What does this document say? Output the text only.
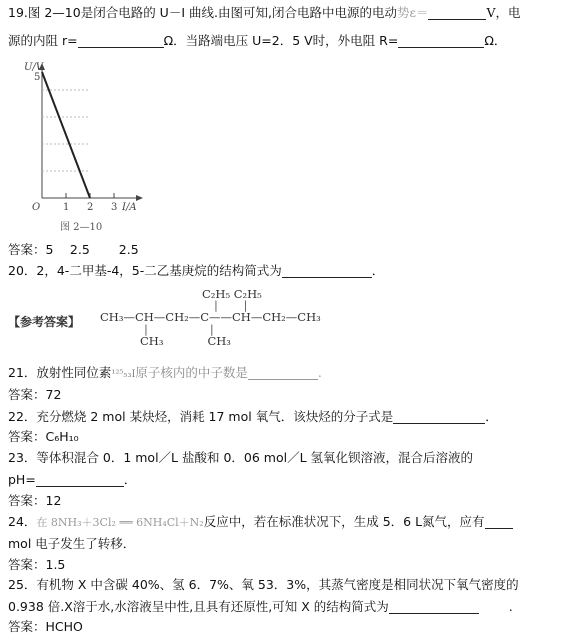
19.图 2—10是闭合电路的 U－I 曲线.由图可知,闭合电路中电源的电动势ε＝	V，电
源的内阻 r=	Ω．当路端电压 U=2．5 V时，外电阻 R=	Ω．
U/V
5
O 1 2 3 I/A
图 2—10
答案：5　 2.5　　 2.5
20．2，4-二甲基-4，5-二乙基庚烷的结构简式为	．
【参考答案】
C₂H₅ C₂H₅
|       |
CH₃—CH—CH₂—C——CH—CH₂—CH₃
|	|
CH₃	CH₃
21．放射性同位素¹²⁵₅₃I原子核内的中子数是	.
答案：72
22．充分燃烧 2 mol 某炔烃，消耗 17 mol 氧气．该炔烃的分子式是	．
答案：C₆H₁₀
23．等体积混合 0．1 mol／L 盐酸和 0．06 mol／L 氢氧化钡溶液，混合后溶液的
pH=	．
答案：12
24．在 8NH₃＋3Cl₂ ══ 6NH₄Cl＋N₂反应中，若在标准状况下，生成 5．6 L氮气，应有
mol 电子发生了转移．
答案：1.5
25．有机物 X 中含碳 40%、氢 6．7%、氧 53．3%，其蒸气密度是相同状况下氧气密度的
0.938 倍.X溶于水,水溶液呈中性,且具有还原性,可知 X 的结构简式为	.
答案：HCHO
